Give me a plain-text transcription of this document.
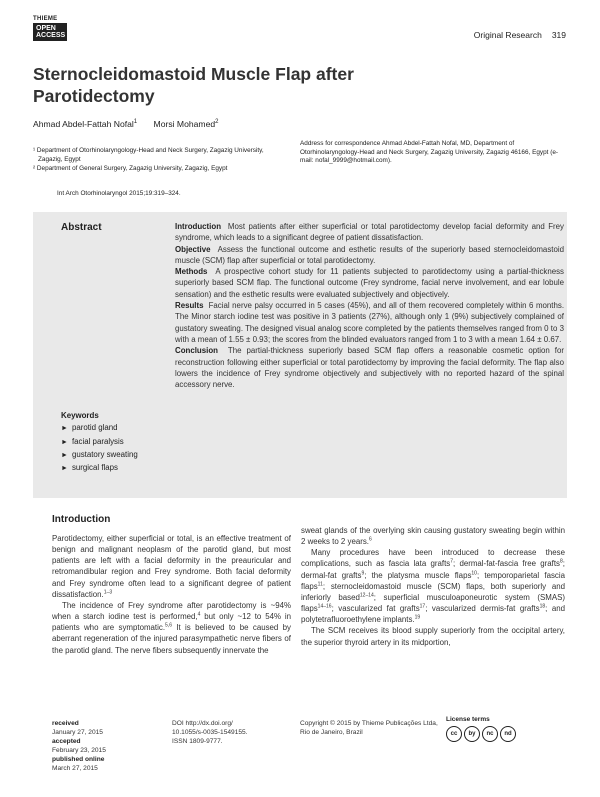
THIEME
OPEN
ACCESS	Original Research 319
Sternocleidomastoid Muscle Flap after Parotidectomy
Ahmad Abdel-Fattah Nofal$^1$ Morsi Mohamed$^2$

¹ Department of Otorhinolaryngology-Head and Neck Surgery, Zagazig University, Zagazig, Egypt

² Department of General Surgery, Zagazig University, Zagazig, Egypt

Address for correspondence Ahmad Abdel-Fattah Nofal, MD, Department of Otorhinolaryngology-Head and Neck Surgery, Zagazig University, Zagazig 46166, Egypt (e-mail: nofal_9999@hotmail.com).
Int Arch Otorhinolaryngol 2015;19:319–324.
Abstract	Introduction Most patients after either superficial or total parotidectomy develop facial deformity and Frey syndrome, which leads to a significant degree of patient dissatisfaction.

Objective Assess the functional outcome and esthetic results of the superiorly based sternocleidomastoid muscle (SCM) flap after superficial or total parotidectomy.

Methods A prospective cohort study for 11 patients subjected to parotidectomy using a partial-thickness superiorly based SCM flap. The functional outcome (Frey syndrome, facial nerve involvement, and ear lobule sensation) and the esthetic results were evaluated subjectively and objectively.

Results Facial nerve palsy occurred in 5 cases (45%), and all of them recovered completely within 6 months. The Minor starch iodine test was positive in 3 patients (27%), although only 1 (9%) subjectively complained of gustatory sweating. The designed visual analog score completed by the patients themselves ranged from 0 to 3 with a mean of 1.55 ± 0.93; the scores from the blinded evaluators ranged from 1 to 3 with a mean 1.64 ± 0.67.

Conclusion The partial-thickness superiorly based SCM flap offers a reasonable cosmetic option for reconstruction following either superficial or total parotidectomy by improving the facial deformity. The flap also lowers the incidence of Frey syndrome objectively and subjectively with no reported hazard of the spinal accessory nerve.

Keywords
► parotid gland
► facial paralysis
► gustatory sweating
► surgical flaps
Introduction

Parotidectomy, either superficial or total, is an effective treatment of benign and malignant neoplasm of the parotid gland, but most patients are left with a facial deformity in the preauricular and retromandibular region and Frey syndrome. Both facial deformity and Frey syndrome often lead to a significant degree of patient dissatisfaction.$^{1-3}$

The incidence of Frey syndrome after parotidectomy is ~94% when a starch iodine test is performed,$^4$ but only ~12 to 54% in patients who are symptomatic.$^{5,6}$ It is believed to be caused by aberrant regeneration of the injured parasympathetic nerve fibers of the parotid gland. The nerve fibers subsequently innervate the

sweat glands of the overlying skin causing gustatory sweating begin within 2 weeks to 2 years.$^6$

Many procedures have been introduced to decrease these complications, such as fascia lata grafts$^7$; dermal-fat-fascia free grafts$^8$; dermal-fat grafts$^9$; the platysma muscle flaps$^{10}$; temporoparietal fascia flaps$^{11}$; sternocleidomastoid muscle (SCM) flaps, both superiorly and inferiorly based$^{12-14}$; superficial musculoaponeurotic system (SMAS) flaps$^{14-16}$; vascularized fat grafts$^{17}$; vascularized dermis-fat grafts$^{18}$; and polytetrafluoroethylene implants.$^{19}$

The SCM receives its blood supply superiorly from the occipital artery, the superior thyroid artery in its midportion,

received
January 27, 2015
accepted
February 23, 2015
published online
March 27, 2015
DOI http://dx.doi.org/
10.1055/s-0035-1549155.
ISSN 1809-9777.
Copyright © 2015 by Thieme Publicações Ltda, Rio de Janeiro, Brazil
License terms
cc	by	nc	nd
